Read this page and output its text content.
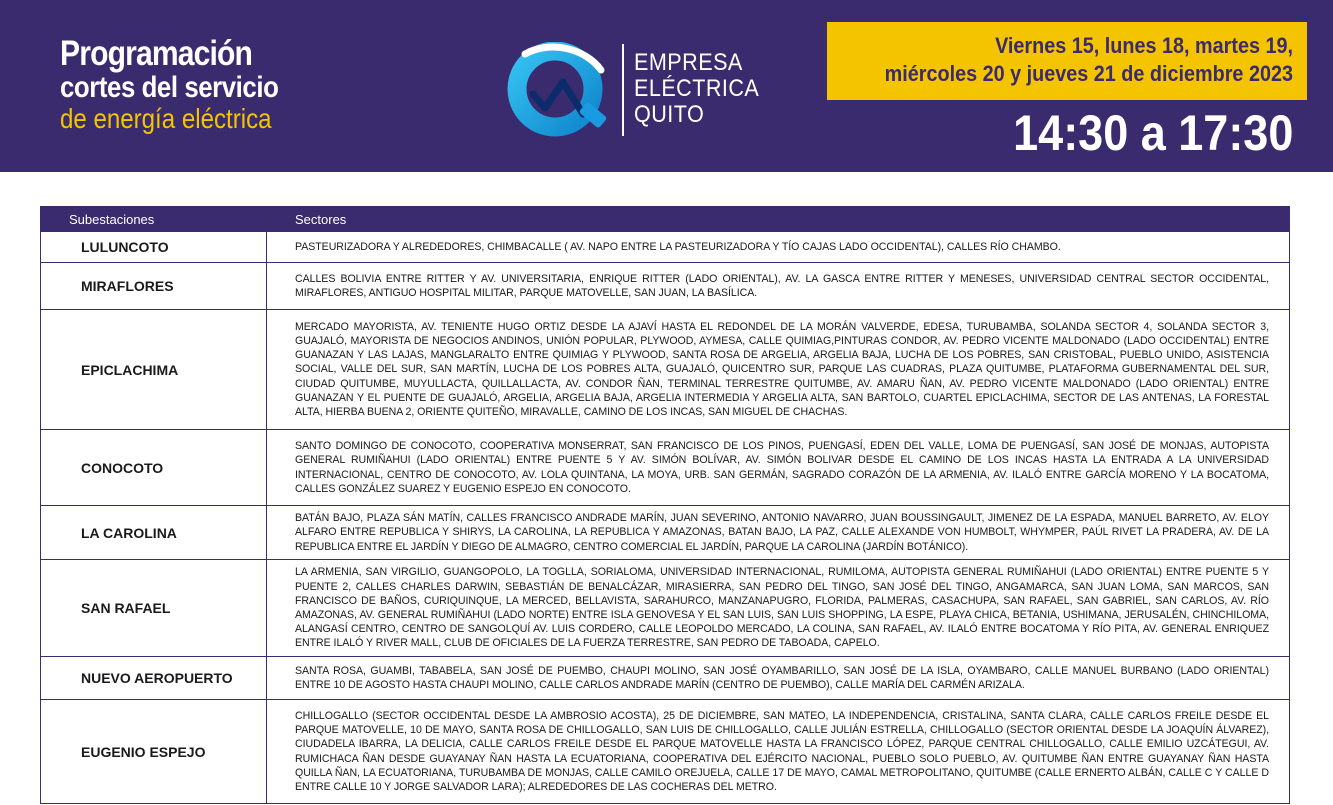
Programación
cortes del servicio
de energía eléctrica
EMPRESA
ELÉCTRICA
QUITO
Viernes 15, lunes 18, martes 19,
miércoles 20 y jueves 21 de diciembre 2023
14:30 a 17:30
Subestaciones	Sectores
LULUNCOTO	PASTEURIZADORA Y ALREDEDORES, CHIMBACALLE ( AV. NAPO ENTRE LA PASTEURIZADORA Y TÍO CAJAS LADO OCCIDENTAL), CALLES RÍO CHAMBO.
MIRAFLORES	CALLES BOLIVIA ENTRE RITTER Y AV. UNIVERSITARIA, ENRIQUE RITTER (LADO ORIENTAL), AV. LA GASCA ENTRE RITTER Y MENESES, UNIVERSIDAD CENTRAL SECTOR OCCIDENTAL, MIRAFLORES, ANTIGUO HOSPITAL MILITAR, PARQUE MATOVELLE, SAN JUAN, LA BASÍLICA.
EPICLACHIMA	MERCADO MAYORISTA, AV. TENIENTE HUGO ORTIZ DESDE LA AJAVÍ HASTA EL REDONDEL DE LA MORÁN VALVERDE, EDESA, TURUBAMBA, SOLANDA SECTOR 4, SOLANDA SECTOR 3, GUAJALÓ, MAYORISTA DE NEGOCIOS ANDINOS, UNIÓN POPULAR, PLYWOOD, AYMESA, CALLE QUIMIAG,PINTURAS CONDOR, AV. PEDRO VICENTE MALDONADO (LADO OCCIDENTAL) ENTRE GUANAZAN Y LAS LAJAS, MANGLARALTO ENTRE QUIMIAG Y PLYWOOD, SANTA ROSA DE ARGELIA, ARGELIA BAJA, LUCHA DE LOS POBRES, SAN CRISTOBAL, PUEBLO UNIDO, ASISTENCIA SOCIAL, VALLE DEL SUR, SAN MARTÍN, LUCHA DE LOS POBRES ALTA, GUAJALÓ, QUICENTRO SUR, PARQUE LAS CUADRAS, PLAZA QUITUMBE, PLATAFORMA GUBERNAMENTAL DEL SUR, CIUDAD QUITUMBE, MUYULLACTA, QUILLALLACTA, AV. CONDOR ÑAN, TERMINAL TERRESTRE QUITUMBE, AV. AMARU ÑAN, AV. PEDRO VICENTE MALDONADO (LADO ORIENTAL) ENTRE GUANAZAN Y EL PUENTE DE GUAJALÓ, ARGELIA, ARGELIA BAJA, ARGELIA INTERMEDIA Y ARGELIA ALTA, SAN BARTOLO, CUARTEL EPICLACHIMA, SECTOR DE LAS ANTENAS, LA FORESTAL ALTA, HIERBA BUENA 2, ORIENTE QUITEÑO, MIRAVALLE, CAMINO DE LOS INCAS, SAN MIGUEL DE CHACHAS.
CONOCOTO	SANTO DOMINGO DE CONOCOTO, COOPERATIVA MONSERRAT, SAN FRANCISCO DE LOS PINOS, PUENGASÍ, EDEN DEL VALLE, LOMA DE PUENGASÍ, SAN JOSÉ DE MONJAS, AUTOPISTA GENERAL RUMIÑAHUI (LADO ORIENTAL) ENTRE PUENTE 5 Y AV. SIMÓN BOLÍVAR, AV. SIMÓN BOLIVAR DESDE EL CAMINO DE LOS INCAS HASTA LA ENTRADA A LA UNIVERSIDAD INTERNACIONAL, CENTRO DE CONOCOTO, AV. LOLA QUINTANA, LA MOYA, URB. SAN GERMÁN, SAGRADO CORAZÓN DE LA ARMENIA, AV. ILALÓ ENTRE GARCÍA MORENO Y LA BOCATOMA, CALLES GONZÁLEZ SUAREZ Y EUGENIO ESPEJO EN CONOCOTO.
LA CAROLINA	BATÁN BAJO, PLAZA SÁN MATÍN, CALLES FRANCISCO ANDRADE MARÍN, JUAN SEVERINO, ANTONIO NAVARRO, JUAN BOUSSINGAULT, JIMENEZ DE LA ESPADA, MANUEL BARRETO, AV. ELOY ALFARO ENTRE REPUBLICA Y SHIRYS, LA CAROLINA, LA REPUBLICA Y AMAZONAS, BATAN BAJO, LA PAZ, CALLE ALEXANDE VON HUMBOLT, WHYMPER, PAÚL RIVET LA PRADERA, AV. DE LA REPUBLICA ENTRE EL JARDÍN Y DIEGO DE ALMAGRO, CENTRO COMERCIAL EL JARDÍN, PARQUE LA CAROLINA (JARDÍN BOTÁNICO).
SAN RAFAEL	LA ARMENIA, SAN VIRGILIO, GUANGOPOLO, LA TOGLLA, SORIALOMA, UNIVERSIDAD INTERNACIONAL, RUMILOMA, AUTOPISTA GENERAL RUMIÑAHUI (LADO ORIENTAL) ENTRE PUENTE 5 Y PUENTE 2, CALLES CHARLES DARWIN, SEBASTIÁN DE BENALCÁZAR, MIRASIERRA, SAN PEDRO DEL TINGO, SAN JOSÉ DEL TINGO, ANGAMARCA, SAN JUAN LOMA, SAN MARCOS, SAN FRANCISCO DE BAÑOS, CURIQUINQUE, LA MERCED, BELLAVISTA, SARAHURCO, MANZANAPUGRO, FLORIDA, PALMERAS, CASACHUPA, SAN RAFAEL, SAN GABRIEL, SAN CARLOS, AV. RÍO AMAZONAS, AV. GENERAL RUMIÑAHUI (LADO NORTE) ENTRE ISLA GENOVESA Y EL SAN LUIS, SAN LUIS SHOPPING, LA ESPE, PLAYA CHICA, BETANIA, USHIMANA, JERUSALÉN, CHINCHILOMA, ALANGASÍ CENTRO, CENTRO DE SANGOLQUÍ AV. LUIS CORDERO, CALLE LEOPOLDO MERCADO, LA COLINA, SAN RAFAEL, AV. ILALÓ ENTRE BOCATOMA Y RÍO PITA, AV. GENERAL ENRIQUEZ ENTRE ILALÓ Y RIVER MALL, CLUB DE OFICIALES DE LA FUERZA TERRESTRE, SAN PEDRO DE TABOADA, CAPELO.
NUEVO AEROPUERTO	SANTA ROSA, GUAMBI, TABABELA, SAN JOSÉ DE PUEMBO, CHAUPI MOLINO, SAN JOSÉ OYAMBARILLO, SAN JOSÉ DE LA ISLA, OYAMBARO, CALLE MANUEL BURBANO (LADO ORIENTAL) ENTRE 10 DE AGOSTO HASTA CHAUPI MOLINO, CALLE CARLOS ANDRADE MARÍN (CENTRO DE PUEMBO), CALLE MARÍA DEL CARMÉN ARIZALA.
EUGENIO ESPEJO	CHILLOGALLO (SECTOR OCCIDENTAL DESDE LA AMBROSIO ACOSTA), 25 DE DICIEMBRE, SAN MATEO, LA INDEPENDENCIA, CRISTALINA, SANTA CLARA, CALLE CARLOS FREILE DESDE EL PARQUE MATOVELLE, 10 DE MAYO, SANTA ROSA DE CHILLOGALLO, SAN LUIS DE CHILLOGALLO, CALLE JULIÁN ESTRELLA, CHILLOGALLO (SECTOR ORIENTAL DESDE LA JOAQUÍN ÁLVAREZ), CIUDADELA IBARRA, LA DELICIA, CALLE CARLOS FREILE DESDE EL PARQUE MATOVELLE HASTA LA FRANCISCO LÓPEZ, PARQUE CENTRAL CHILLOGALLO, CALLE EMILIO UZCÁTEGUI, AV. RUMICHACA ÑAN DESDE GUAYANAY ÑAN HASTA LA ECUATORIANA, COOPERATIVA DEL EJÉRCITO NACIONAL, PUEBLO SOLO PUEBLO, AV. QUITUMBE ÑAN ENTRE GUAYANAY ÑAN HASTA QUILLA ÑAN, LA ECUATORIANA, TURUBAMBA DE MONJAS, CALLE CAMILO OREJUELA, CALLE 17 DE MAYO, CAMAL METROPOLITANO, QUITUMBE (CALLE ERNERTO ALBÁN, CALLE C Y CALLE D ENTRE CALLE 10 Y JORGE SALVADOR LARA); ALREDEDORES DE LAS COCHERAS DEL METRO.
